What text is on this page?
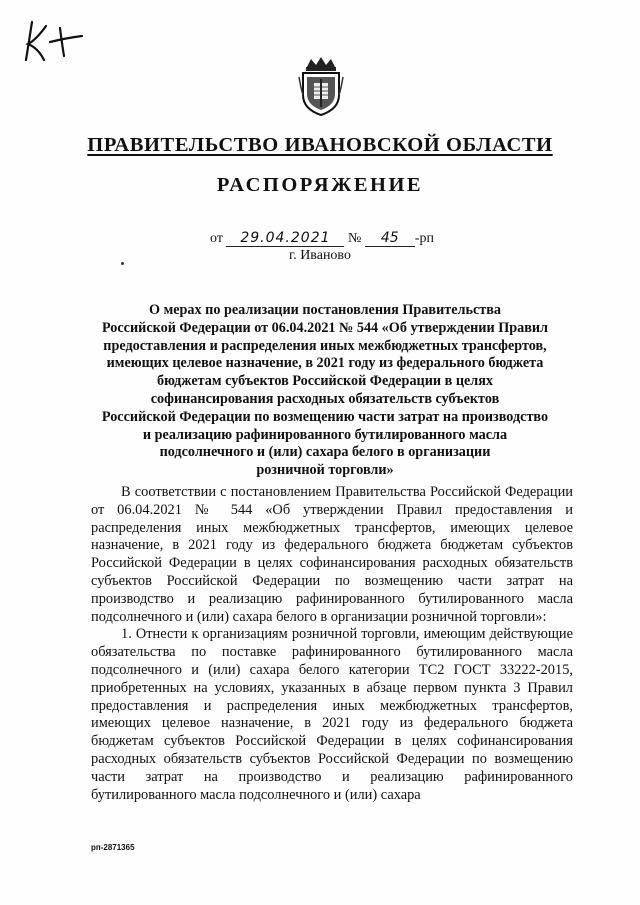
ПРАВИТЕЛЬСТВО ИВАНОВСКОЙ ОБЛАСТИ
РАСПОРЯЖЕНИЕ
от 29.04.2021 № 45 -рп
г. Иваново
О мерах по реализации постановления Правительства
Российской Федерации от 06.04.2021 № 544 «Об утверждении Правил
предоставления и распределения иных межбюджетных трансфертов,
имеющих целевое назначение, в 2021 году из федерального бюджета
бюджетам субъектов Российской Федерации в целях
софинансирования расходных обязательств субъектов
Российской Федерации по возмещению части затрат на производство
и реализацию рафинированного бутилированного масла
подсолнечного и (или) сахара белого в организации
розничной торговли»

В соответствии с постановлением Правительства Российской Федерации от 06.04.2021 № 544 «Об утверждении Правил предоставления и распределения иных межбюджетных трансфертов, имеющих целевое назначение, в 2021 году из федерального бюджета бюджетам субъектов Российской Федерации в целях софинансирования расходных обязательств субъектов Российской Федерации по возмещению части затрат на производство и реализацию рафинированного бутилированного масла подсолнечного и (или) сахара белого в организации розничной торговли»:

1. Отнести к организациям розничной торговли, имеющим действующие обязательства по поставке рафинированного бутилированного масла подсолнечного и (или) сахара белого категории ТС2 ГОСТ 33222-2015, приобретенных на условиях, указанных в абзаце первом пункта 3 Правил предоставления и распределения иных межбюджетных трансфертов, имеющих целевое назначение, в 2021 году из федерального бюджета бюджетам субъектов Российской Федерации в целях софинансирования расходных обязательств субъектов Российской Федерации по возмещению части затрат на производство и реализацию рафинированного бутилированного масла подсолнечного и (или) сахара

рп-2871365
